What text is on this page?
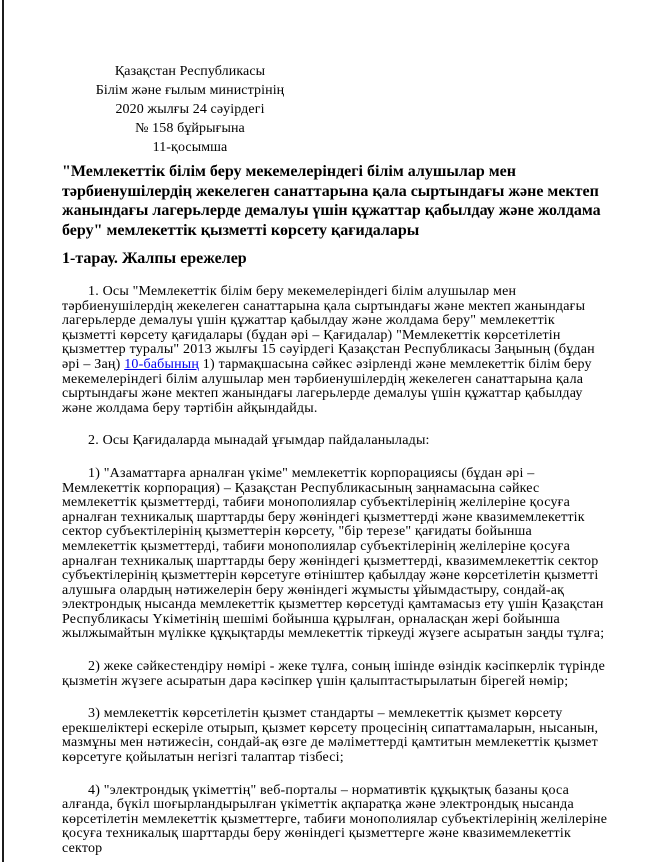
Қазақстан Республикасы
Білім және ғылым министрінің
2020 жылғы 24 сәуірдегі
№ 158 бұйрығына
11-қосымша
"Мемлекеттік білім беру мекемелеріндегі білім алушылар мен тәрбиенушілердің жекелеген санаттарына қала сыртындағы және мектеп жанындағы лагерьлерде демалуы үшін құжаттар қабылдау және жолдама беру" мемлекеттік қызметті көрсету қағидалары
1-тарау. Жалпы ережелер

1. Осы "Мемлекеттік білім беру мекемелеріндегі білім алушылар мен тәрбиенушілердің жекелеген санаттарына қала сыртындағы және мектеп жанындағы лагерьлерде демалуы үшін құжаттар қабылдау және жолдама беру" мемлекеттік қызметті көрсету қағидалары (бұдан әрі – Қағидалар) "Мемлекеттік көрсетілетін қызметтер туралы" 2013 жылғы 15 сәуірдегі Қазақстан Республикасы Заңының (бұдан әрі – Заң) 10-бабының 1) тармақшасына сәйкес әзірленді және мемлекеттік білім беру мекемелеріндегі білім алушылар мен тәрбиенушілердің жекелеген санаттарына қала сыртындағы және мектеп жанындағы лагерьлерде демалуы үшін құжаттар қабылдау және жолдама беру тәртібін айқындайды.

2. Осы Қағидаларда мынадай ұғымдар пайдаланылады:

1) "Азаматтарға арналған үкіме" мемлекеттік корпорациясы (бұдан әрі – Мемлекеттік корпорация) – Қазақстан Республикасының заңнамасына сәйкес мемлекеттік қызметтерді, табиғи монополиялар субъектілерінің желілеріне қосуға арналған техникалық шарттарды беру жөніндегі қызметтерді және квазимемлекеттік сектор субъектілерінің қызметтерін көрсету, "бір терезе" қағидаты бойынша мемлекеттік қызметтерді, табиғи монополиялар субъектілерінің желілеріне қосуға арналған техникалық шарттарды беру жөніндегі қызметтерді, квазимемлекеттік сектор субъектілерінің қызметтерін көрсетуге өтініштер қабылдау және көрсетілетін қызметті алушыға олардың нәтижелерін беру жөніндегі жұмысты ұйымдастыру, сондай-ақ электрондық нысанда мемлекеттік қызметтер көрсетуді қамтамасыз ету үшін Қазақстан Республикасы Үкіметінің шешімі бойынша құрылған, орналасқан жері бойынша жылжымайтын мүлікке құқықтарды мемлекеттік тіркеуді жүзеге асыратын заңды тұлға;

2) жеке сәйкестендіру нөмірі - жеке тұлға, соның ішінде өзіндік кәсіпкерлік түрінде қызметін жүзеге асыратын дара кәсіпкер үшін қалыптастырылатын бірегей нөмір;

3) мемлекеттік көрсетілетін қызмет стандарты – мемлекеттік қызмет көрсету ерекшеліктері ескеріле отырып, қызмет көрсету процесінің сипаттамаларын, нысанын, мазмұны мен нәтижесін, сондай-ақ өзге де мәліметтерді қамтитын мемлекеттік қызмет көрсетуге қойылатын негізгі талаптар тізбесі;

4) "электрондық үкіметтің" веб-порталы – нормативтік құқықтық базаны қоса алғанда, бүкіл шоғырландырылған үкіметтік ақпаратқа және электрондық нысанда көрсетілетін мемлекеттік қызметтерге, табиғи монополиялар субъектілерінің желілеріне қосуға техникалық шарттарды беру жөніндегі қызметтерге және квазимемлекеттік сектор
